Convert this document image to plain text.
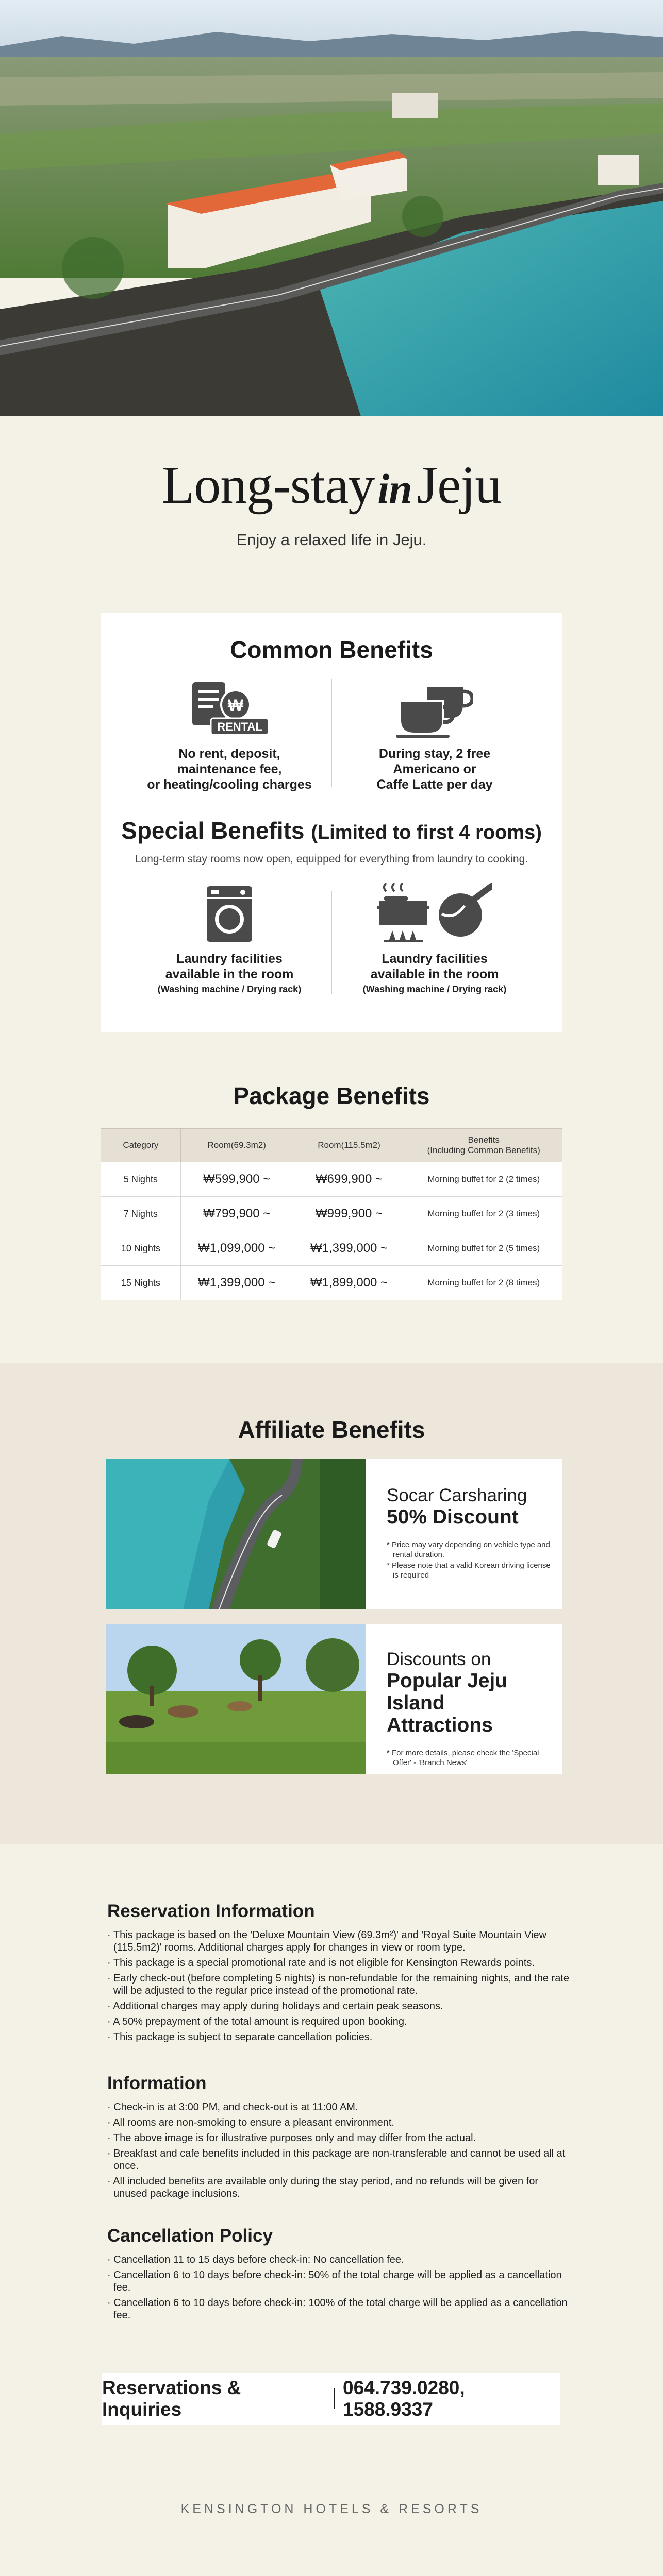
Long-stayinJeju
Enjoy a relaxed life in Jeju.
Common Benefits
₩
RENTAL
No rent, deposit,
maintenance fee,
or heating/cooling charges
During stay, 2 free
Americano or
Caffe Latte per day
Special Benefits (Limited to first 4 rooms)
Long-term stay rooms now open, equipped for everything from laundry to cooking.
Laundry facilities
available in the room
(Washing machine / Drying rack)
Laundry facilities
available in the room
(Washing machine / Drying rack)
Package Benefits
Category	Room(69.3m2)	Room(115.5m2)	Benefits
(Including Common Benefits)
5 Nights	₩599,900 ~	₩699,900 ~	Morning buffet for 2 (2 times)
7 Nights	₩799,900 ~	₩999,900 ~	Morning buffet for 2 (3 times)
10 Nights	₩1,099,000 ~	₩1,399,000 ~	Morning buffet for 2 (5 times)
15 Nights	₩1,399,000 ~	₩1,899,000 ~	Morning buffet for 2 (8 times)
Affiliate Benefits
Socar Carsharing
50% Discount
* Price may vary depending on vehicle type and rental duration.
* Please note that a valid Korean driving license is required
Discounts on
Popular Jeju
Island Attractions
* For more details, please check the 'Special Offer' - 'Branch News'
Reservation Information
· This package is based on the 'Deluxe Mountain View (69.3m²)' and 'Royal Suite Mountain View (115.5m2)' rooms. Additional charges apply for changes in view or room type.
· This package is a special promotional rate and is not eligible for Kensington Rewards points.
· Early check-out (before completing 5 nights) is non-refundable for the remaining nights, and the rate will be adjusted to the regular price instead of the promotional rate.
· Additional charges may apply during holidays and certain peak seasons.
· A 50% prepayment of the total amount is required upon booking.
· This package is subject to separate cancellation policies.
Information
· Check-in is at 3:00 PM, and check-out is at 11:00 AM.
· All rooms are non-smoking to ensure a pleasant environment.
· The above image is for illustrative purposes only and may differ from the actual.
· Breakfast and cafe benefits included in this package are non-transferable and cannot be used all at once.
· All included benefits are available only during the stay period, and no refunds will be given for unused package inclusions.
Cancellation Policy
· Cancellation 11 to 15 days before check-in: No cancellation fee.
· Cancellation 6 to 10 days before check-in: 50% of the total charge will be applied as a cancellation fee.
· Cancellation 6 to 10 days before check-in: 100% of the total charge will be applied as a cancellation fee.
Reservations & Inquiries
064.739.0280, 1588.9337
KENSINGTON HOTELS & RESORTS
